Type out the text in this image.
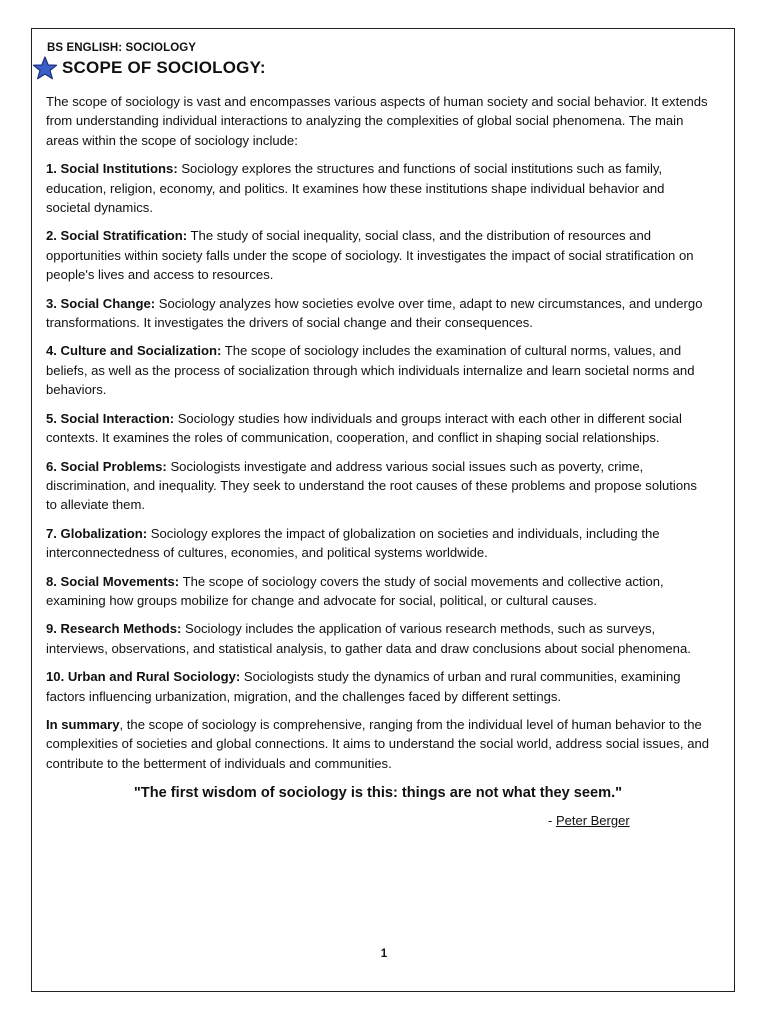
BS ENGLISH: SOCIOLOGY
SCOPE OF SOCIOLOGY:

The scope of sociology is vast and encompasses various aspects of human society and social behavior. It extends from understanding individual interactions to analyzing the complexities of global social phenomena. The main areas within the scope of sociology include:

1. Social Institutions: Sociology explores the structures and functions of social institutions such as family, education, religion, economy, and politics. It examines how these institutions shape individual behavior and societal dynamics.

2. Social Stratification: The study of social inequality, social class, and the distribution of resources and opportunities within society falls under the scope of sociology. It investigates the impact of social stratification on people's lives and access to resources.

3. Social Change: Sociology analyzes how societies evolve over time, adapt to new circumstances, and undergo transformations. It investigates the drivers of social change and their consequences.

4. Culture and Socialization: The scope of sociology includes the examination of cultural norms, values, and beliefs, as well as the process of socialization through which individuals internalize and learn societal norms and behaviors.

5. Social Interaction: Sociology studies how individuals and groups interact with each other in different social contexts. It examines the roles of communication, cooperation, and conflict in shaping social relationships.

6. Social Problems: Sociologists investigate and address various social issues such as poverty, crime, discrimination, and inequality. They seek to understand the root causes of these problems and propose solutions to alleviate them.

7. Globalization: Sociology explores the impact of globalization on societies and individuals, including the interconnectedness of cultures, economies, and political systems worldwide.

8. Social Movements: The scope of sociology covers the study of social movements and collective action, examining how groups mobilize for change and advocate for social, political, or cultural causes.

9. Research Methods: Sociology includes the application of various research methods, such as surveys, interviews, observations, and statistical analysis, to gather data and draw conclusions about social phenomena.

10. Urban and Rural Sociology: Sociologists study the dynamics of urban and rural communities, examining factors influencing urbanization, migration, and the challenges faced by different settings.

In summary, the scope of sociology is comprehensive, ranging from the individual level of human behavior to the complexities of societies and global connections. It aims to understand the social world, address social issues, and contribute to the betterment of individuals and communities.

"The first wisdom of sociology is this: things are not what they seem."
- Peter Berger
1
